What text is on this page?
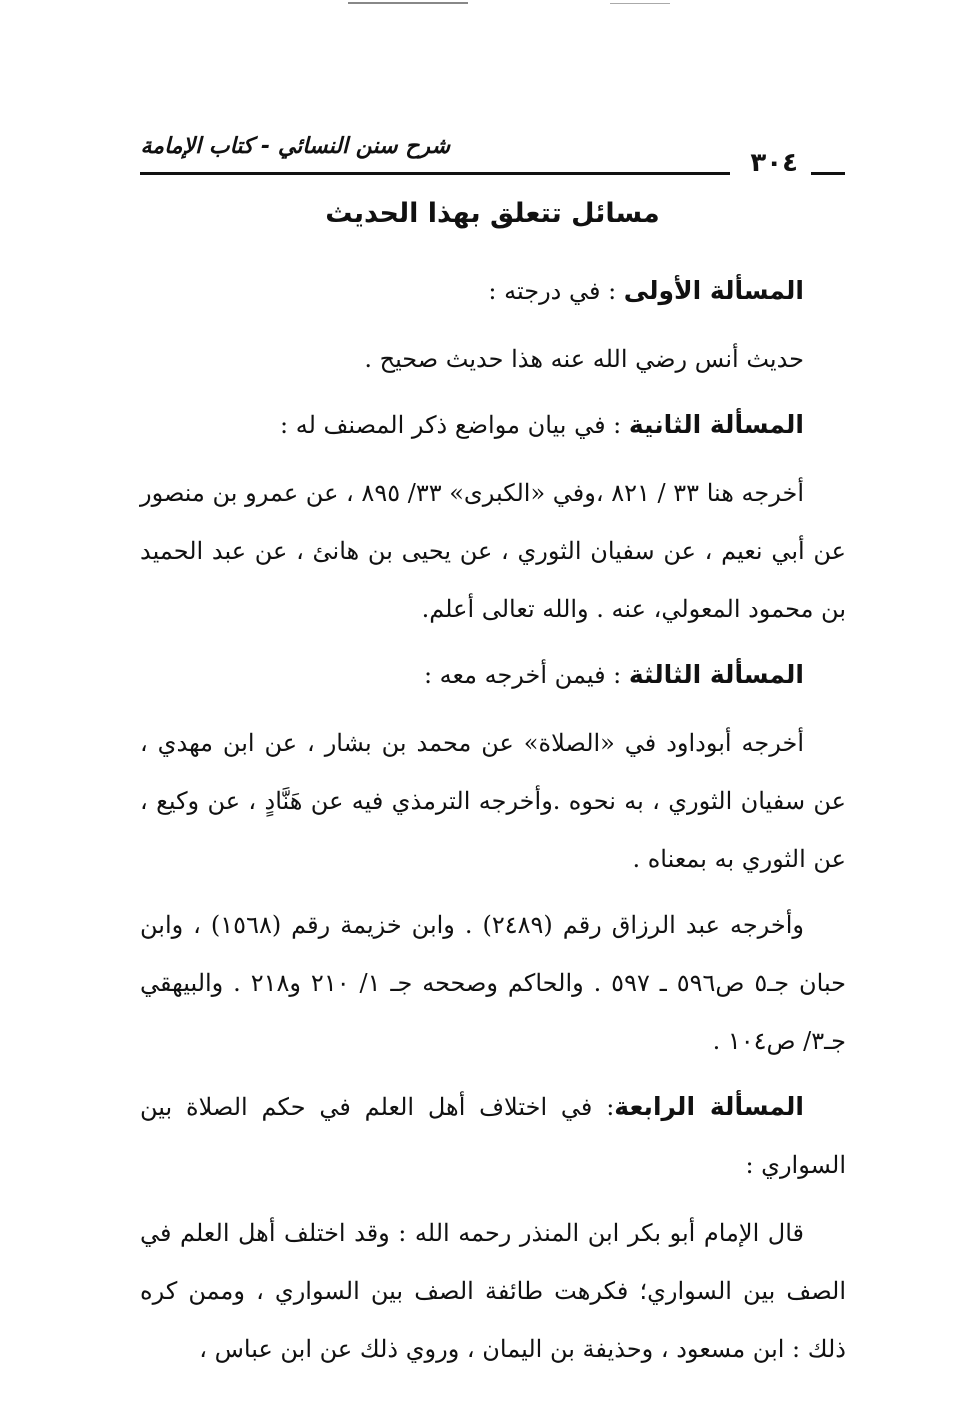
شرح سنن النسائي - كتاب الإمامة
٣٠٤
مسائل تتعلق بهذا الحديث

المسألة الأولى : في درجته :

حديث أنس رضي الله عنه هذا حديث صحيح .

المسألة الثانية : في بيان مواضع ذكر المصنف له :

أخرجه هنا ٣٣ / ٨٢١ ،وفي «الكبرى» ٣٣/ ٨٩٥ ، عن عمرو بن منصور عن أبي نعيم ، عن سفيان الثوري ، عن يحيى بن هانئ ، عن عبد الحميد بن محمود المعولي، عنه . والله تعالى أعلم.

المسألة الثالثة : فيمن أخرجه معه :

أخرجه أبوداود في «الصلاة» عن محمد بن بشار ، عن ابن مهدي ، عن سفيان الثوري ، به نحوه .وأخرجه الترمذي فيه عن هَنَّادٍ ، عن وكيع ، عن الثوري به بمعناه .

وأخرجه عبد الرزاق رقم (٢٤٨٩) . وابن خزيمة رقم (١٥٦٨) ، وابن حبان جـ٥ ص٥٩٦ ـ ٥٩٧ . والحاكم وصححه جـ ١/ ٢١٠ و٢١٨ . والبيهقي جـ٣/ ص١٠٤ .

المسألة الرابعة: في اختلاف أهل العلم في حكم الصلاة بين السواري :

قال الإمام أبو بكر ابن المنذر رحمه الله : وقد اختلف أهل العلم في الصف بين السواري؛ فكرهت طائفة الصف بين السواري ، وممن كره ذلك : ابن مسعود ، وحذيفة بن اليمان ، وروي ذلك عن ابن عباس ،
